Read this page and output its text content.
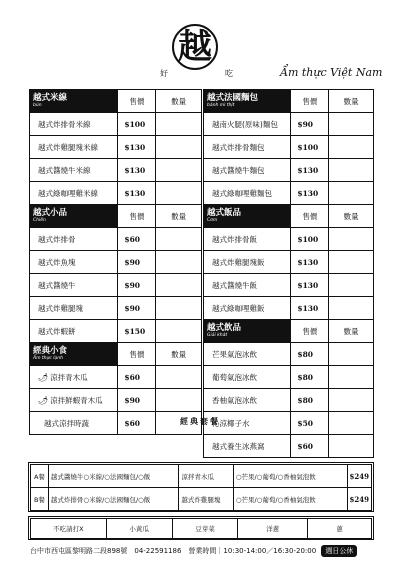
越
好	吃	Ẩm thực Việt Nam
越式米線
bún	售價	數量
越式炸排骨米線	$100	
越式炸雞腿塊米線	$130	
越式醬燒牛米線	$130	
越式綠咖哩雞米線	$130	
越式小品
Chiên	售價	數量
越式炸排骨	$60	
越式炸魚塊	$90	
越式醬燒牛	$90	
越式炸雞腿塊	$90	
越式炸蝦餅	$150	
經典小食
Ẩm thực lạnh	售價	數量
🌶 涼拌青木瓜	$60	
🌶 涼拌鮮蝦青木瓜	$90	
越式涼拌時蔬	$60	
越式法國麵包
bánh mì thịt	售價	數量
越南火腿(原味)麵包	$90	
越式炸排骨麵包	$100	
越式醬燒牛麵包	$130	
越式綠咖哩雞麵包	$130	
越式飯品
Cơm	售價	數量
越式炸排骨飯	$100	
越式炸雞腿塊飯	$130	
越式醬燒牛飯	$130	
越式綠咖哩雞飯	$130	
越式飲品
Giải khát	售價	數量
芒果氣泡冰飲	$80	
葡萄氣泡冰飲	$80	
香柚氣泡冰飲	$80	
沁涼椰子水	$50	
越式養生冰燕窩	$60	
經典套餐
A餐	越式醬燒牛○米線/○法國麵包/○飯	涼拌青木瓜	○芒果/○葡萄/○香柚氣泡飲	$249
B餐	越式炸排骨○米線/○法國麵包/○飯	越式炸雞腿塊	○芒果/○葡萄/○香柚氣泡飲	$249
不吃請打X	小黃瓜	豆芽菜	洋蔥	蔥
台中市西屯區黎明路二段898號　04-22591186　營業時間｜10:30-14:00／16:30-20:00 週日公休
